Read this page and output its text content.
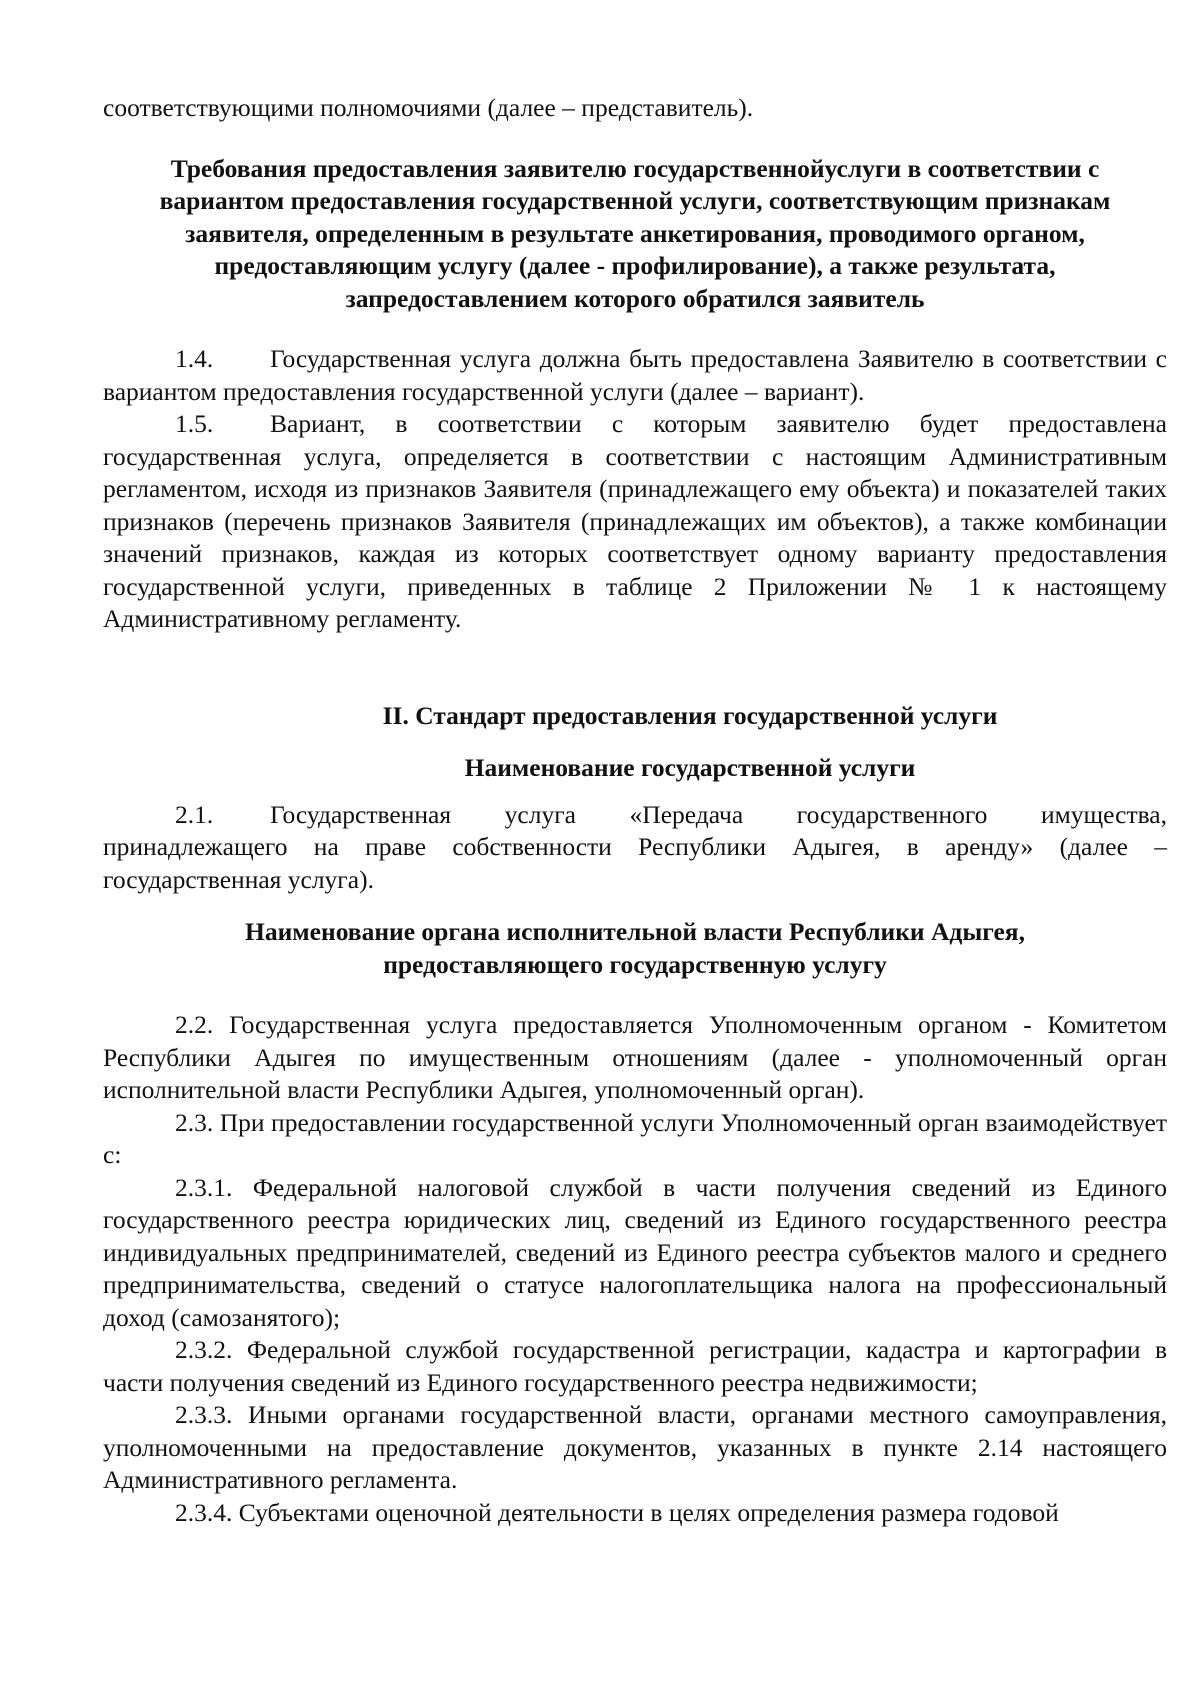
соответствующими полномочиями (далее – представитель).

Требования предоставления заявителю государственнойуслуги в соответствии с вариантом предоставления государственной услуги, соответствующим признакам заявителя, определенным в результате анкетирования, проводимого органом, предоставляющим услугу (далее - профилирование), а также результата, запредоставлением которого обратился заявитель

1.4. Государственная услуга должна быть предоставлена Заявителю в соответствии с вариантом предоставления государственной услуги (далее – вариант).

1.5. Вариант, в соответствии с которым заявителю будет предоставлена государственная услуга, определяется в соответствии с настоящим Административным регламентом, исходя из признаков Заявителя (принадлежащего ему объекта) и показателей таких признаков (перечень признаков Заявителя (принадлежащих им объектов), а также комбинации значений признаков, каждая из которых соответствует одному варианту предоставления государственной услуги, приведенных в таблице 2 Приложении № 1 к настоящему Административному регламенту.

II. Стандарт предоставления государственной услуги

Наименование государственной услуги

2.1. Государственная услуга «Передача государственного имущества, принадлежащего на праве собственности Республики Адыгея, в аренду» (далее – государственная услуга).

Наименование органа исполнительной власти Республики Адыгея, предоставляющего государственную услугу

2.2. Государственная услуга предоставляется Уполномоченным органом - Комитетом Республики Адыгея по имущественным отношениям (далее - уполномоченный орган исполнительной власти Республики Адыгея, уполномоченный орган).

2.3. При предоставлении государственной услуги Уполномоченный орган взаимодействует с:

2.3.1. Федеральной налоговой службой в части получения сведений из Единого государственного реестра юридических лиц, сведений из Единого государственного реестра индивидуальных предпринимателей, сведений из Единого реестра субъектов малого и среднего предпринимательства, сведений о статусе налогоплательщика налога на профессиональный доход (самозанятого);

2.3.2. Федеральной службой государственной регистрации, кадастра и картографии в части получения сведений из Единого государственного реестра недвижимости;

2.3.3. Иными органами государственной власти, органами местного самоуправления, уполномоченными на предоставление документов, указанных в пункте 2.14 настоящего Административного регламента.

2.3.4. Субъектами оценочной деятельности в целях определения размера годовой
